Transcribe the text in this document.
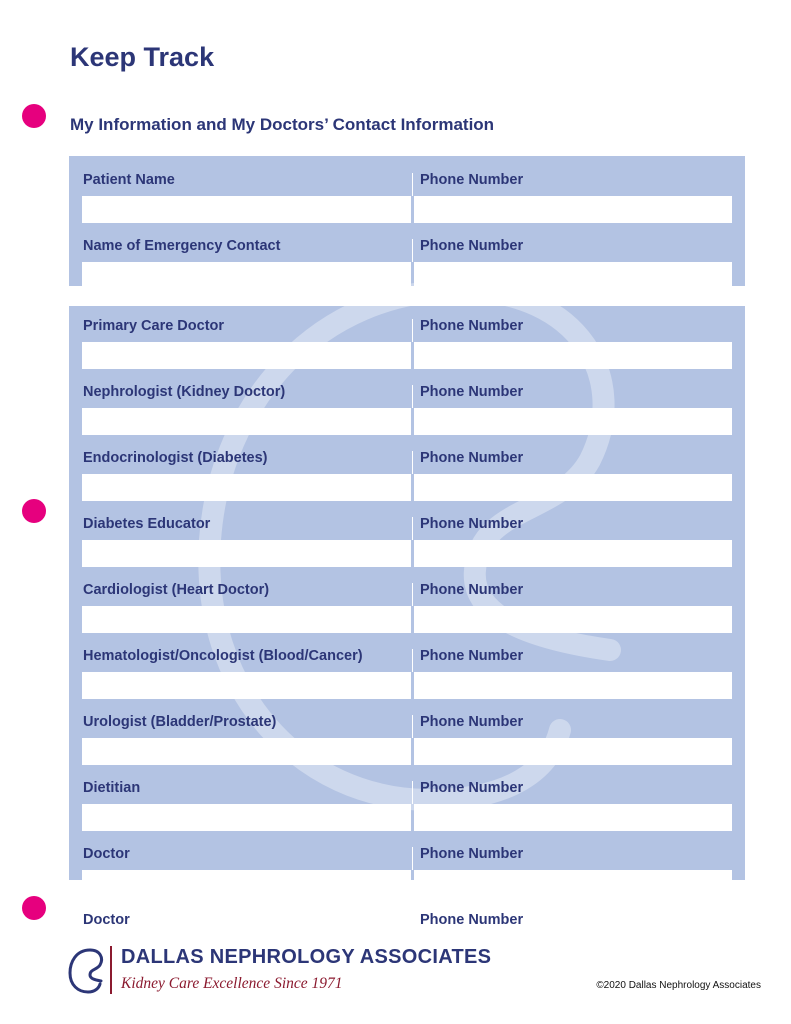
Keep Track
My Information and My Doctors’ Contact Information
Patient Name	Phone Number
Name of Emergency Contact	Phone Number
Primary Care Doctor	Phone Number
Nephrologist (Kidney Doctor)	Phone Number
Endocrinologist (Diabetes)	Phone Number
Diabetes Educator	Phone Number
Cardiologist (Heart Doctor)	Phone Number
Hematologist/Oncologist (Blood/Cancer)	Phone Number
Urologist (Bladder/Prostate)	Phone Number
Dietitian	Phone Number
Doctor	Phone Number
Doctor	Phone Number
DALLAS NEPHROLOGY ASSOCIATES
Kidney Care Excellence Since 1971	©2020 Dallas Nephrology Associates
